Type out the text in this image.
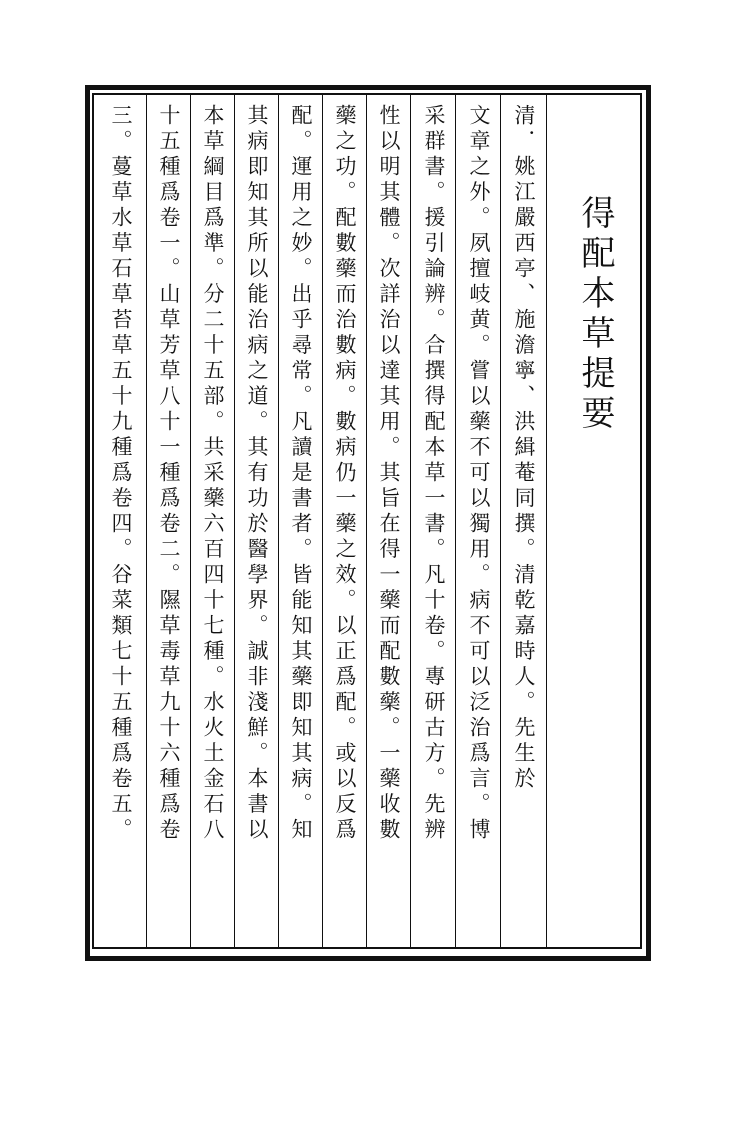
得配本草提要
清．姚江嚴西亭、施澹寧、洪緝菴同撰。清乾嘉時人。先生於
文章之外。夙擅岐黄。嘗以藥不可以獨用。病不可以泛治爲言。博
采群書。援引論辨。合撰得配本草一書。凡十卷。專研古方。先辨
性以明其體。次詳治以達其用。其旨在得一藥而配數藥。一藥收數
藥之功。配數藥而治數病。數病仍一藥之效。以正爲配。或以反爲
配。運用之妙。出乎尋常。凡讀是書者。皆能知其藥即知其病。知
其病即知其所以能治病之道。其有功於醫學界。誠非淺鮮。本書以
本草綱目爲準。分二十五部。共采藥六百四十七種。水火土金石八
十五種爲卷一。山草芳草八十一種爲卷二。隰草毒草九十六種爲卷
三。蔓草水草石草苔草五十九種爲卷四。谷菜類七十五種爲卷五。
